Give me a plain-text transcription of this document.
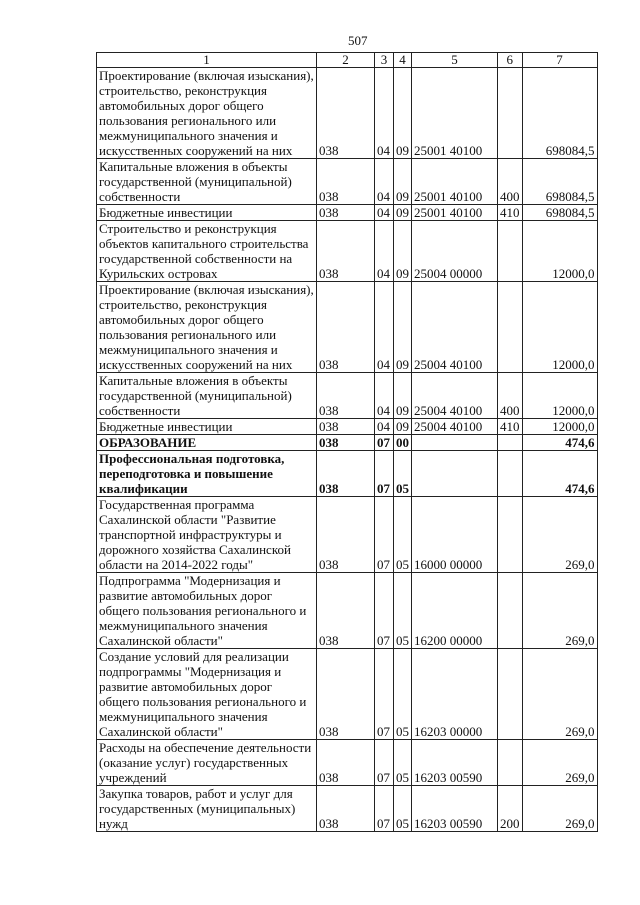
507
1	2	3	4	5	6	7
Проектирование (включая изыскания), строительство, реконструкция автомобильных дорог общего пользования регионального или межмуниципального значения и искусственных сооружений на них	038	04	09	25001 40100		698084,5
Капитальные вложения в объекты государственной (муниципальной) собственности	038	04	09	25001 40100	400	698084,5
Бюджетные инвестиции	038	04	09	25001 40100	410	698084,5
Строительство и реконструкция объектов капитального строительства государственной собственности на Курильских островах	038	04	09	25004 00000		12000,0
Проектирование (включая изыскания), строительство, реконструкция автомобильных дорог общего пользования регионального или межмуниципального значения и искусственных сооружений на них	038	04	09	25004 40100		12000,0
Капитальные вложения в объекты государственной (муниципальной) собственности	038	04	09	25004 40100	400	12000,0
Бюджетные инвестиции	038	04	09	25004 40100	410	12000,0
ОБРАЗОВАНИЕ	038	07	00			474,6
Профессиональная подготовка, переподготовка и повышение квалификации	038	07	05			474,6
Государственная программа Сахалинской области "Развитие транспортной инфраструктуры и дорожного хозяйства Сахалинской области на 2014-2022 годы"	038	07	05	16000 00000		269,0
Подпрограмма "Модернизация и развитие автомобильных дорог общего пользования регионального и межмуниципального значения Сахалинской области"	038	07	05	16200 00000		269,0
Создание условий для реализации подпрограммы "Модернизация и развитие автомобильных дорог общего пользования регионального и межмуниципального значения Сахалинской области"	038	07	05	16203 00000		269,0
Расходы на обеспечение деятельности (оказание услуг) государственных учреждений	038	07	05	16203 00590		269,0
Закупка товаров, работ и услуг для государственных (муниципальных) нужд	038	07	05	16203 00590	200	269,0
